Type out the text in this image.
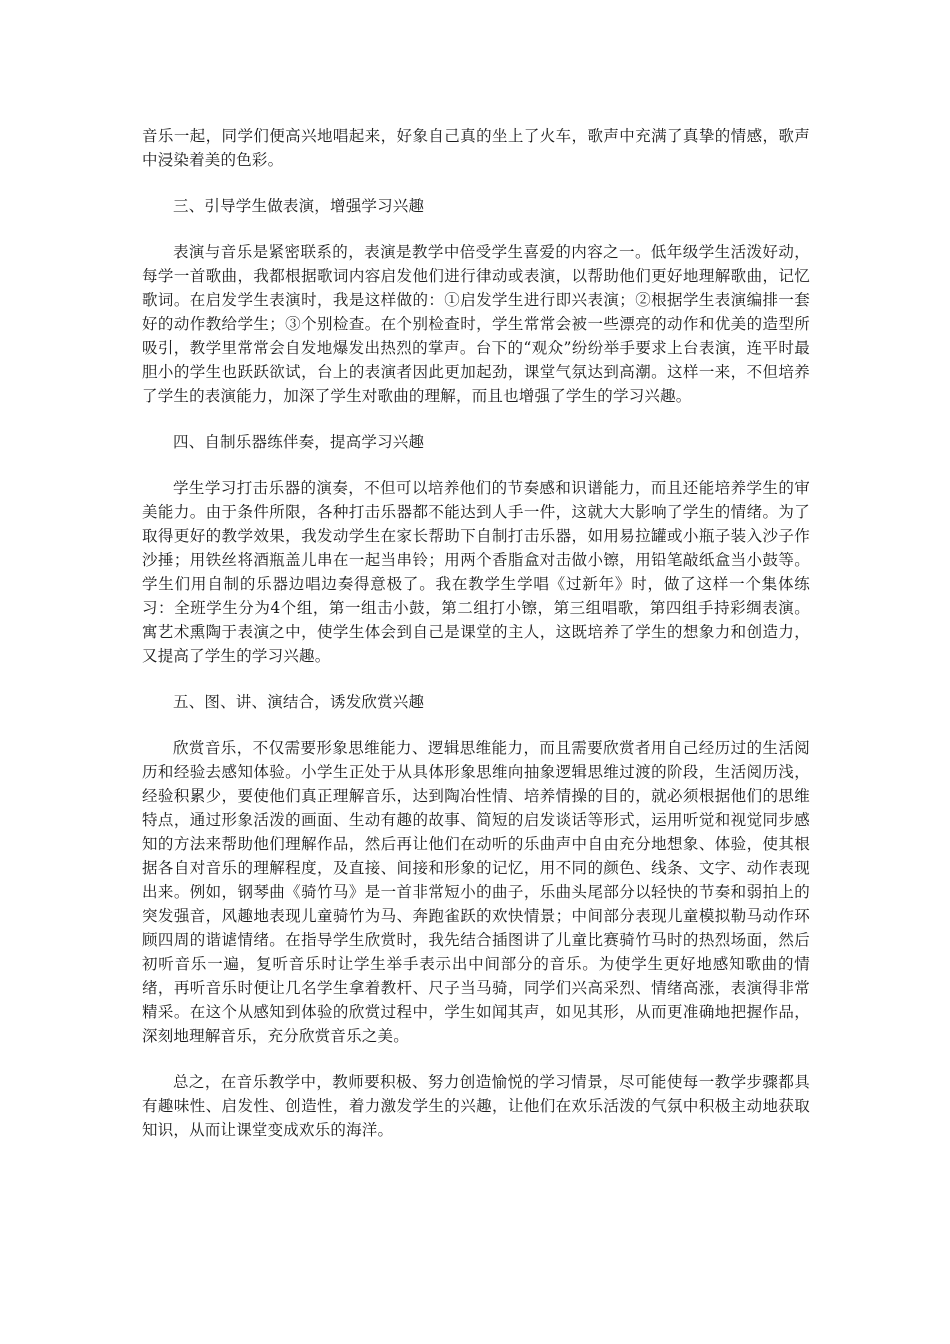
音乐一起，同学们便高兴地唱起来，好象自己真的坐上了火车，歌声中充满了真挚的情感，歌声中浸染着美的色彩。

三、引导学生做表演，增强学习兴趣

表演与音乐是紧密联系的，表演是教学中倍受学生喜爱的内容之一。低年级学生活泼好动，每学一首歌曲，我都根据歌词内容启发他们进行律动或表演，以帮助他们更好地理解歌曲，记忆歌词。在启发学生表演时，我是这样做的：①启发学生进行即兴表演；②根据学生表演编排一套好的动作教给学生；③个别检查。在个别检查时，学生常常会被一些漂亮的动作和优美的造型所吸引，教学里常常会自发地爆发出热烈的掌声。台下的“观众”纷纷举手要求上台表演，连平时最胆小的学生也跃跃欲试，台上的表演者因此更加起劲，课堂气氛达到高潮。这样一来，不但培养了学生的表演能力，加深了学生对歌曲的理解，而且也增强了学生的学习兴趣。

四、自制乐器练伴奏，提高学习兴趣

学生学习打击乐器的演奏，不但可以培养他们的节奏感和识谱能力，而且还能培养学生的审美能力。由于条件所限，各种打击乐器都不能达到人手一件，这就大大影响了学生的情绪。为了取得更好的教学效果，我发动学生在家长帮助下自制打击乐器，如用易拉罐或小瓶子装入沙子作沙捶；用铁丝将酒瓶盖儿串在一起当串铃；用两个香脂盒对击做小镲，用铅笔敲纸盒当小鼓等。学生们用自制的乐器边唱边奏得意极了。我在教学生学唱《过新年》时，做了这样一个集体练习：全班学生分为4个组，第一组击小鼓，第二组打小镲，第三组唱歌，第四组手持彩绸表演。寓艺术熏陶于表演之中，使学生体会到自己是课堂的主人，这既培养了学生的想象力和创造力，又提高了学生的学习兴趣。

五、图、讲、演结合，诱发欣赏兴趣

欣赏音乐，不仅需要形象思维能力、逻辑思维能力，而且需要欣赏者用自己经历过的生活阅历和经验去感知体验。小学生正处于从具体形象思维向抽象逻辑思维过渡的阶段，生活阅历浅，经验积累少，要使他们真正理解音乐，达到陶冶性情、培养情操的目的，就必须根据他们的思维特点，通过形象活泼的画面、生动有趣的故事、简短的启发谈话等形式，运用听觉和视觉同步感知的方法来帮助他们理解作品，然后再让他们在动听的乐曲声中自由充分地想象、体验，使其根据各自对音乐的理解程度，及直接、间接和形象的记忆，用不同的颜色、线条、文字、动作表现出来。例如，钢琴曲《骑竹马》是一首非常短小的曲子，乐曲头尾部分以轻快的节奏和弱拍上的突发强音，风趣地表现儿童骑竹为马、奔跑雀跃的欢快情景；中间部分表现儿童模拟勒马动作环顾四周的谐谑情绪。在指导学生欣赏时，我先结合插图讲了儿童比赛骑竹马时的热烈场面，然后初听音乐一遍，复听音乐时让学生举手表示出中间部分的音乐。为使学生更好地感知歌曲的情绪，再听音乐时便让几名学生拿着教杆、尺子当马骑，同学们兴高采烈、情绪高涨，表演得非常精采。在这个从感知到体验的欣赏过程中，学生如闻其声，如见其形，从而更准确地把握作品，深刻地理解音乐，充分欣赏音乐之美。

总之，在音乐教学中，教师要积极、努力创造愉悦的学习情景，尽可能使每一教学步骤都具有趣味性、启发性、创造性，着力激发学生的兴趣，让他们在欢乐活泼的气氛中积极主动地获取知识，从而让课堂变成欢乐的海洋。
